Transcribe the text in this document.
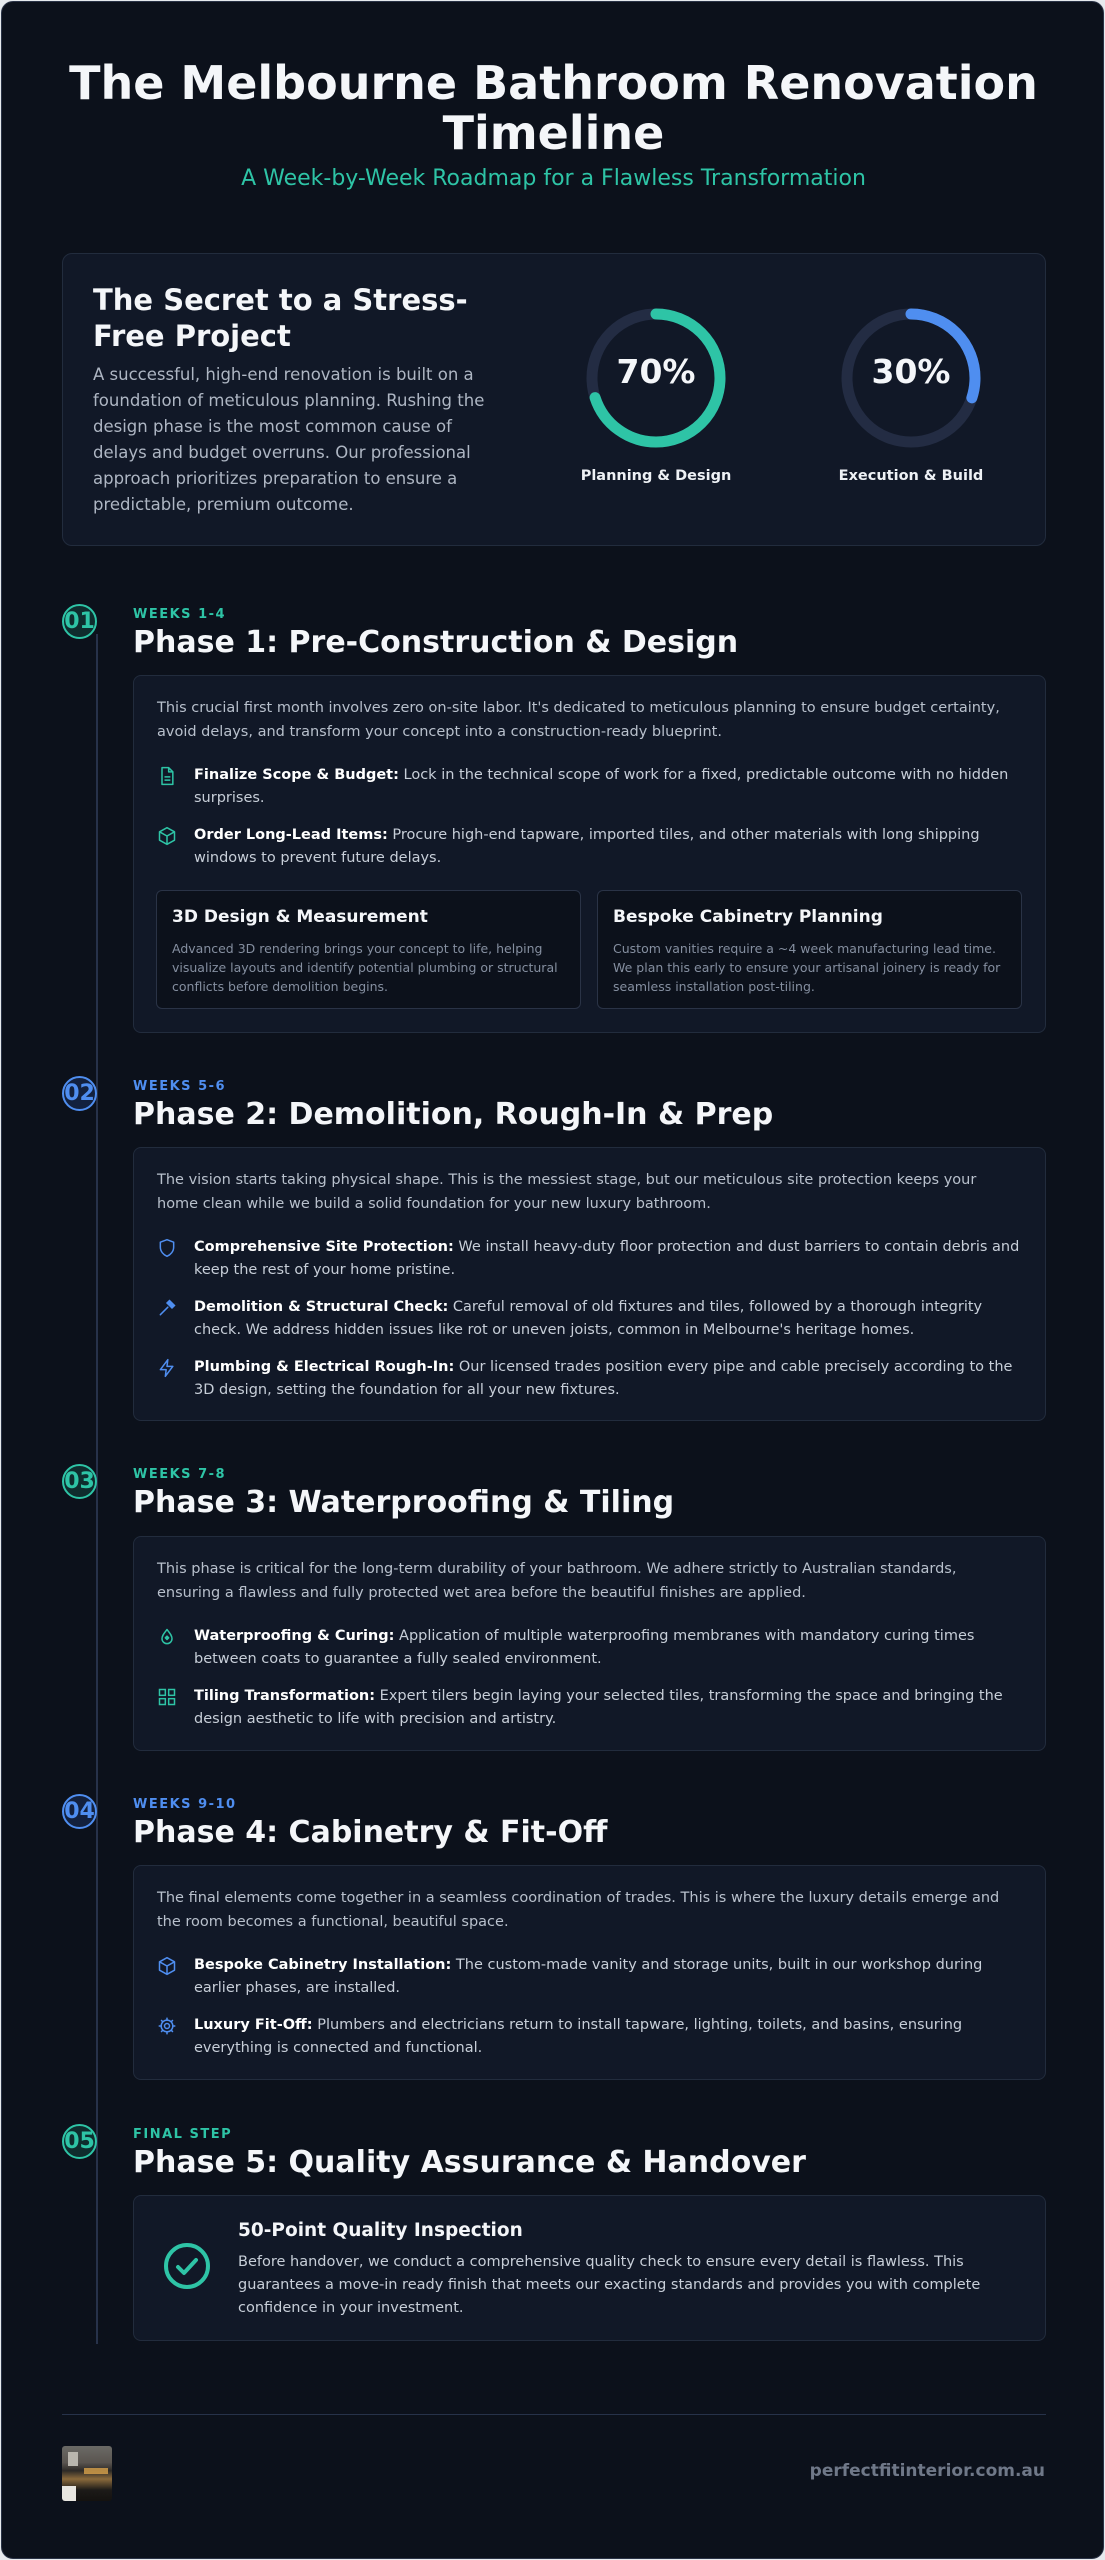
The Melbourne Bathroom Renovation Timeline
A Week-by-Week Roadmap for a Flawless Transformation
The Secret to a Stress-Free Project

A successful, high-end renovation is built on a foundation of meticulous planning. Rushing the design phase is the most common cause of delays and budget overruns. Our professional approach prioritizes preparation to ensure a predictable, premium outcome.

70%
Planning & Design
30%
Execution & Build
01	WEEKS 1-4
Phase 1: Pre-Construction & Design
This crucial first month involves zero on-site labor. It's dedicated to meticulous planning to ensure budget certainty, avoid delays, and transform your concept into a construction-ready blueprint.
Finalize Scope & Budget: Lock in the technical scope of work for a fixed, predictable outcome with no hidden surprises.
Order Long-Lead Items: Procure high-end tapware, imported tiles, and other materials with long shipping windows to prevent future delays.
3D Design & Measurement

Advanced 3D rendering brings your concept to life, helping visualize layouts and identify potential plumbing or structural conflicts before demolition begins.

Bespoke Cabinetry Planning

Custom vanities require a ~4 week manufacturing lead time. We plan this early to ensure your artisanal joinery is ready for seamless installation post-tiling.

02	WEEKS 5-6
Phase 2: Demolition, Rough-In & Prep
The vision starts taking physical shape. This is the messiest stage, but our meticulous site protection keeps your home clean while we build a solid foundation for your new luxury bathroom.
Comprehensive Site Protection: We install heavy-duty floor protection and dust barriers to contain debris and keep the rest of your home pristine.
Demolition & Structural Check: Careful removal of old fixtures and tiles, followed by a thorough integrity check. We address hidden issues like rot or uneven joists, common in Melbourne's heritage homes.
Plumbing & Electrical Rough-In: Our licensed trades position every pipe and cable precisely according to the 3D design, setting the foundation for all your new fixtures.
03	WEEKS 7-8
Phase 3: Waterproofing & Tiling
This phase is critical for the long-term durability of your bathroom. We adhere strictly to Australian standards, ensuring a flawless and fully protected wet area before the beautiful finishes are applied.
Waterproofing & Curing: Application of multiple waterproofing membranes with mandatory curing times between coats to guarantee a fully sealed environment.
Tiling Transformation: Expert tilers begin laying your selected tiles, transforming the space and bringing the design aesthetic to life with precision and artistry.
04	WEEKS 9-10
Phase 4: Cabinetry & Fit-Off
The final elements come together in a seamless coordination of trades. This is where the luxury details emerge and the room becomes a functional, beautiful space.
Bespoke Cabinetry Installation: The custom-made vanity and storage units, built in our workshop during earlier phases, are installed.
Luxury Fit-Off: Plumbers and electricians return to install tapware, lighting, toilets, and basins, ensuring everything is connected and functional.
05	FINAL STEP
Phase 5: Quality Assurance & Handover
50-Point Quality Inspection
Before handover, we conduct a comprehensive quality check to ensure every detail is flawless. This guarantees a move-in ready finish that meets our exacting standards and provides you with complete confidence in your investment.
perfectfitinterior.com.au
